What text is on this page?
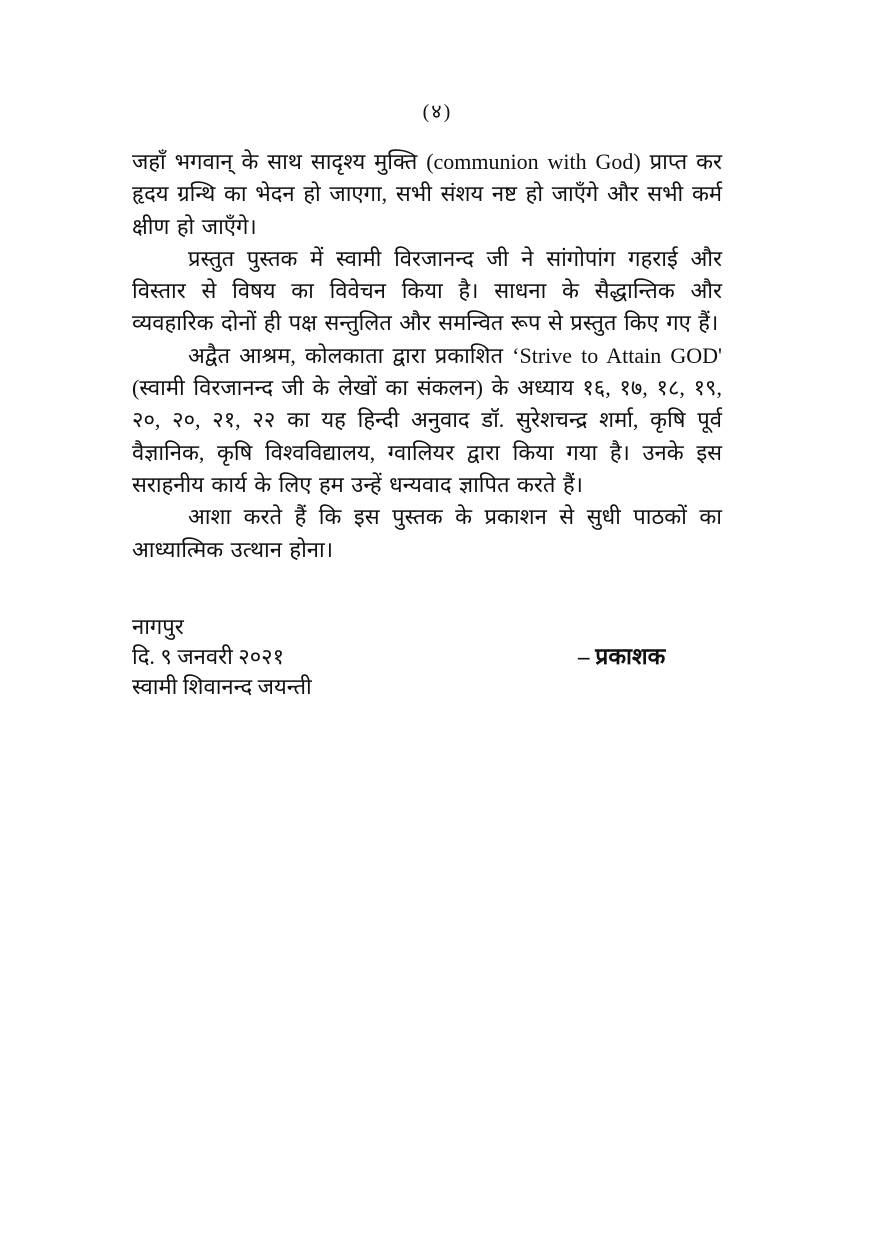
(४)

जहाँ भगवान् के साथ सादृश्य मुक्ति (communion with God) प्राप्त कर हृदय ग्रन्थि का भेदन हो जाएगा, सभी संशय नष्ट हो जाएँगे और सभी कर्म क्षीण हो जाएँगे।

प्रस्तुत पुस्तक में स्वामी विरजानन्द जी ने सांगोपांग गहराई और विस्तार से विषय का विवेचन किया है। साधना के सैद्धान्तिक और व्यवहारिक दोनों ही पक्ष सन्तुलित और समन्वित रूप से प्रस्तुत किए गए हैं।

अद्वैत आश्रम, कोलकाता द्वारा प्रकाशित ‘Strive to Attain GOD' (स्वामी विरजानन्द जी के लेखों का संकलन) के अध्याय १६, १७, १८, १९, २०, २०, २१, २२ का यह हिन्दी अनुवाद डॉ. सुरेशचन्द्र शर्मा, कृषि पूर्व वैज्ञानिक, कृषि विश्वविद्यालय, ग्वालियर द्वारा किया गया है। उनके इस सराहनीय कार्य के लिए हम उन्हें धन्यवाद ज्ञापित करते हैं।

आशा करते हैं कि इस पुस्तक के प्रकाशन से सुधी पाठकों का आध्यात्मिक उत्थान होना।

नागपुर
दि. ९ जनवरी २०२१	– प्रकाशक
स्वामी शिवानन्द जयन्ती
